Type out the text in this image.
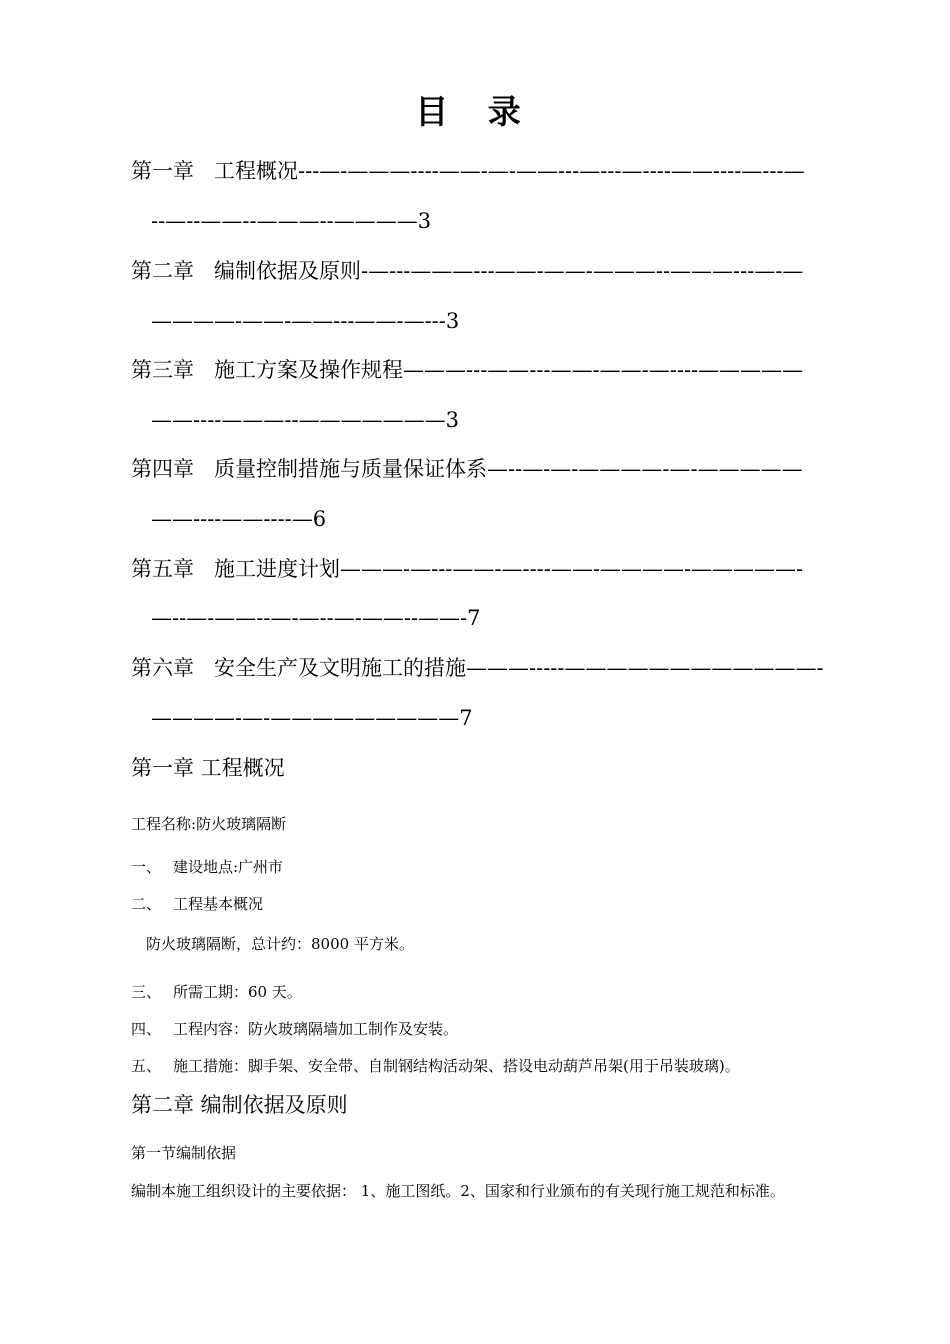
目 录
第一章 工程概况---—-———----——-—-——---—---—----——----—---—
--—--——--———--————3
第二章 编制依据及原则-—---———---——-——-———--———---—-—
————-——-——---——-—---3
第三章 施工方案及操作规程———---——---——-——-—----—————
——----———--———————3
第四章 质量控制措施与质量保证体系—--—-—-————-—-—————
——----——----—6
第五章 施工进度计划———-—---——-—----——-————-—————-
—--—-——--—-—--—-——--——-7
第六章 安全生产及文明施工的措施———-----————————————-
————-—-—————————7
第一章 工程概况
工程名称:防火玻璃隔断
一、 建设地点:广州市
二、 工程基本概况
防火玻璃隔断，总计约：8000 平方米。
三、 所需工期：60 天。
四、 工程内容：防火玻璃隔墙加工制作及安装。
五、 施工措施：脚手架、安全带、自制钢结构活动架、搭设电动葫芦吊架(用于吊装玻璃)。
第二章 编制依据及原则
第一节编制依据
编制本施工组织设计的主要依据： 1、施工图纸。2、国家和行业颁布的有关现行施工规范和标准。
